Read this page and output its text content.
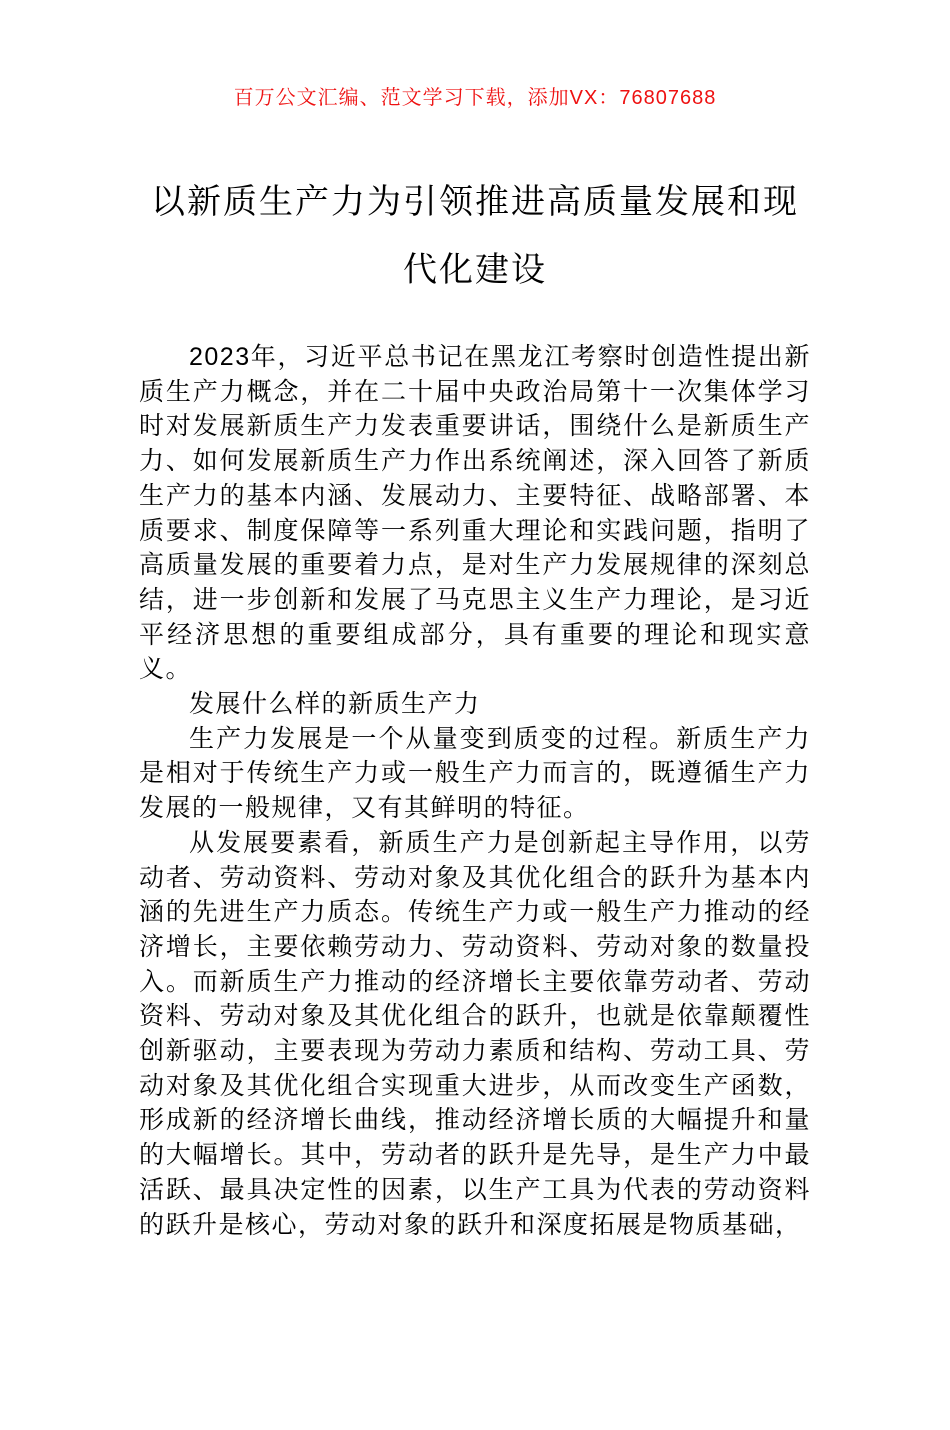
百万公文汇编、范文学习下载，添加VX：76807688
以新质生产力为引领推进高质量发展和现代化建设

2023年，习近平总书记在黑龙江考察时创造性提出新质生产力概念，并在二十届中央政治局第十一次集体学习时对发展新质生产力发表重要讲话，围绕什么是新质生产力、如何发展新质生产力作出系统阐述，深入回答了新质生产力的基本内涵、发展动力、主要特征、战略部署、本质要求、制度保障等一系列重大理论和实践问题，指明了高质量发展的重要着力点，是对生产力发展规律的深刻总结，进一步创新和发展了马克思主义生产力理论，是习近平经济思想的重要组成部分，具有重要的理论和现实意义。

发展什么样的新质生产力

生产力发展是一个从量变到质变的过程。新质生产力是相对于传统生产力或一般生产力而言的，既遵循生产力发展的一般规律，又有其鲜明的特征。

从发展要素看，新质生产力是创新起主导作用，以劳动者、劳动资料、劳动对象及其优化组合的跃升为基本内涵的先进生产力质态。传统生产力或一般生产力推动的经济增长，主要依赖劳动力、劳动资料、劳动对象的数量投入。而新质生产力推动的经济增长主要依靠劳动者、劳动资料、劳动对象及其优化组合的跃升，也就是依靠颠覆性创新驱动，主要表现为劳动力素质和结构、劳动工具、劳动对象及其优化组合实现重大进步，从而改变生产函数，形成新的经济增长曲线，推动经济增长质的大幅提升和量的大幅增长。其中，劳动者的跃升是先导，是生产力中最活跃、最具决定性的因素，以生产工具为代表的劳动资料的跃升是核心，劳动对象的跃升和深度拓展是物质基础，
